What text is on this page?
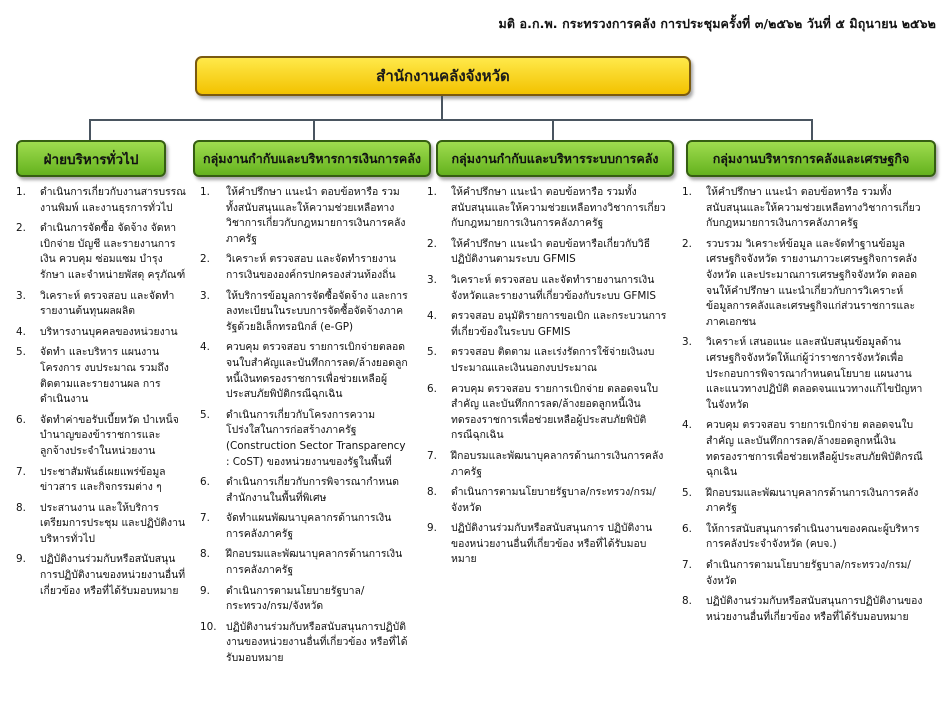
มติ อ.ก.พ. กระทรวงการคลัง การประชุมครั้งที่ ๓/๒๕๖๒ วันที่ ๕ มิถุนายน ๒๕๖๒
สำนักงานคลังจังหวัด
ฝ่ายบริหารทั่วไป	กลุ่มงานกำกับและบริหารการเงินการคลัง กลุ่มงานกำกับและบริหารระบบการคลัง	กลุ่มงานบริหารการคลังและเศรษฐกิจ
1.	ดำเนินการเกี่ยวกับงานสารบรรณ งานพิมพ์ และงานธุรการทั่วไป
2.	ดำเนินการจัดซื้อ จัดจ้าง จัดหา เบิกจ่าย บัญชี และรายงานการเงิน ควบคุม ซ่อมแซม บำรุงรักษา และจำหน่ายพัสดุ ครุภัณฑ์
3.	วิเคราะห์ ตรวจสอบ และจัดทำรายงานต้นทุนผลผลิต
4.	บริหารงานบุคคลของหน่วยงาน
5.	จัดทำ และบริหาร แผนงาน โครงการ งบประมาณ รวมถึง ติดตามและรายงานผล การดำเนินงาน
6.	จัดทำค่าขอรับเบี้ยหวัด บำเหน็จ บำนาญของข้าราชการและลูกจ้างประจำในหน่วยงาน
7.	ประชาสัมพันธ์เผยแพร่ข้อมูลข่าวสาร และกิจกรรมต่าง ๆ
8.	ประสานงาน และให้บริการ เตรียมการประชุม และปฏิบัติงานบริหารทั่วไป
9.	ปฏิบัติงานร่วมกับหรือสนับสนุนการปฏิบัติงานของหน่วยงานอื่นที่เกี่ยวข้อง หรือที่ได้รับมอบหมาย
1.	ให้คำปรึกษา แนะนำ ตอบข้อหารือ รวมทั้งสนับสนุนและให้ความช่วยเหลือทางวิชาการเกี่ยวกับกฎหมายการเงินการคลังภาครัฐ
2.	วิเคราะห์ ตรวจสอบ และจัดทำรายงานการเงินขององค์กรปกครองส่วนท้องถิ่น
3.	ให้บริการข้อมูลการจัดซื้อจัดจ้าง และการลงทะเบียนในระบบการจัดซื้อจัดจ้างภาครัฐด้วยอิเล็กทรอนิกส์ (e-GP)
4.	ควบคุม ตรวจสอบ รายการเบิกจ่ายตลอดจนใบสำคัญและบันทึกการลด/ล้างยอดลูกหนี้เงินทดรองราชการเพื่อช่วยเหลือผู้ประสบภัยพิบัติกรณีฉุกเฉิน
5.	ดำเนินการเกี่ยวกับโครงการความโปร่งใสในการก่อสร้างภาครัฐ (Construction Sector Transparency : CoST) ของหน่วยงานของรัฐในพื้นที่
6.	ดำเนินการเกี่ยวกับการพิจารณากำหนดสำนักงานในพื้นที่พิเศษ
7.	จัดทำแผนพัฒนาบุคลากรด้านการเงินการคลังภาครัฐ
8.	ฝึกอบรมและพัฒนาบุคลากรด้านการเงินการคลังภาครัฐ
9.	ดำเนินการตามนโยบายรัฐบาล/กระทรวง/กรม/จังหวัด
10. ปฏิบัติงานร่วมกับหรือสนับสนุนการปฏิบัติงานของหน่วยงานอื่นที่เกี่ยวข้อง หรือที่ได้รับมอบหมาย
1.	ให้คำปรึกษา แนะนำ ตอบข้อหารือ รวมทั้งสนับสนุนและให้ความช่วยเหลือทางวิชาการเกี่ยวกับกฎหมายการเงินการคลังภาครัฐ
2.	ให้คำปรึกษา แนะนำ ตอบข้อหารือเกี่ยวกับวิธีปฏิบัติงานตามระบบ GFMIS
3.	วิเคราะห์ ตรวจสอบ และจัดทำรายงานการเงินจังหวัดและรายงานที่เกี่ยวข้องกับระบบ GFMIS
4.	ตรวจสอบ อนุมัติรายการขอเบิก และกระบวนการที่เกี่ยวข้องในระบบ GFMIS
5.	ตรวจสอบ ติดตาม และเร่งรัดการใช้จ่ายเงินงบประมาณและเงินนอกงบประมาณ
6.	ควบคุม ตรวจสอบ รายการเบิกจ่าย ตลอดจนใบสำคัญ และบันทึกการลด/ล้างยอดลูกหนี้เงินทดรองราชการเพื่อช่วยเหลือผู้ประสบภัยพิบัติกรณีฉุกเฉิน
7.	ฝึกอบรมและพัฒนาบุคลากรด้านการเงินการคลังภาครัฐ
8.	ดำเนินการตามนโยบายรัฐบาล/กระทรวง/กรม/จังหวัด
9.	ปฏิบัติงานร่วมกับหรือสนับสนุนการ ปฏิบัติงานของหน่วยงานอื่นที่เกี่ยวข้อง หรือที่ได้รับมอบหมาย
1.	ให้คำปรึกษา แนะนำ ตอบข้อหารือ รวมทั้งสนับสนุนและให้ความช่วยเหลือทางวิชาการเกี่ยวกับกฎหมายการเงินการคลังภาครัฐ
2.	รวบรวม วิเคราะห์ข้อมูล และจัดทำฐานข้อมูลเศรษฐกิจจังหวัด รายงานภาวะเศรษฐกิจการคลังจังหวัด และประมาณการเศรษฐกิจจังหวัด ตลอดจนให้คำปรึกษา แนะนำเกี่ยวกับการวิเคราะห์ข้อมูลการคลังและเศรษฐกิจแก่ส่วนราชการและภาคเอกชน
3.	วิเคราะห์ เสนอแนะ และสนับสนุนข้อมูลด้านเศรษฐกิจจังหวัดให้แก่ผู้ว่าราชการจังหวัดเพื่อประกอบการพิจารณากำหนดนโยบาย แผนงาน และแนวทางปฏิบัติ ตลอดจนแนวทางแก้ไขปัญหาในจังหวัด
4.	ควบคุม ตรวจสอบ รายการเบิกจ่าย ตลอดจนใบสำคัญ และบันทึกการลด/ล้างยอดลูกหนี้เงินทดรองราชการเพื่อช่วยเหลือผู้ประสบภัยพิบัติกรณีฉุกเฉิน
5.	ฝึกอบรมและพัฒนาบุคลากรด้านการเงินการคลังภาครัฐ
6.	ให้การสนับสนุนการดำเนินงานของคณะผู้บริหารการคลังประจำจังหวัด (คบจ.)
7.	ดำเนินการตามนโยบายรัฐบาล/กระทรวง/กรม/จังหวัด
8.	ปฏิบัติงานร่วมกับหรือสนับสนุนการปฏิบัติงานของหน่วยงานอื่นที่เกี่ยวข้อง หรือที่ได้รับมอบหมาย
